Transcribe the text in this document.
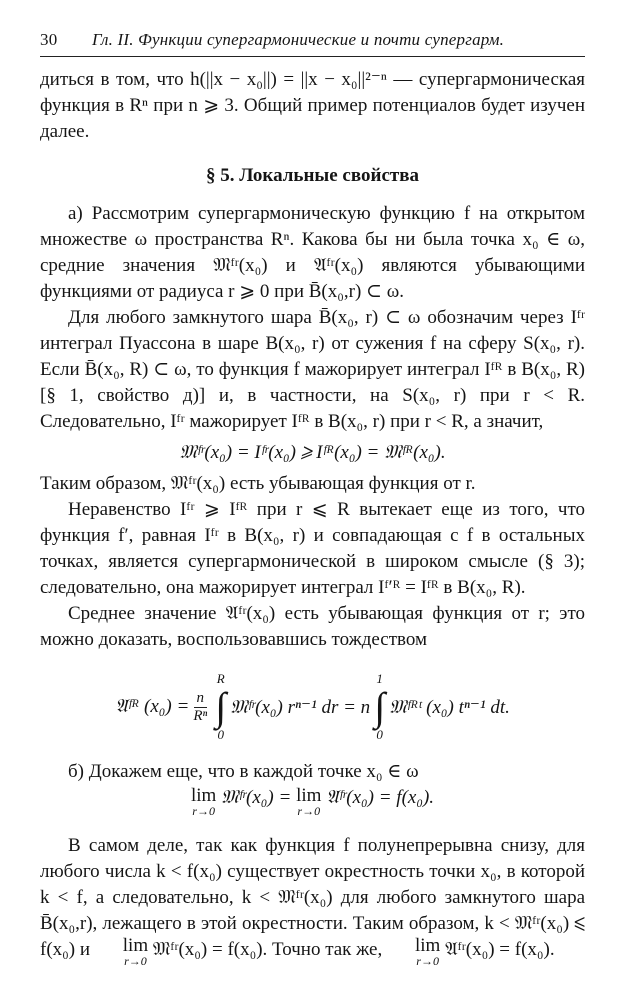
30	Гл. II. Функции супергармонические и почти супергарм.

диться в том, что h(||x − x₀||) = ||x − x₀||²⁻ⁿ — супергармоническая функция в Rⁿ при n ⩾ 3. Общий пример потенциалов будет изучен далее.

§ 5. Локальные свойства

а) Рассмотрим супергармоническую функцию f на открытом множестве ω пространства Rⁿ. Какова бы ни была точка x₀ ∈ ω, средние значения 𝔐ᶠʳ(x₀) и 𝔄ᶠʳ(x₀) являются убывающими функциями от радиуса r ⩾ 0 при B̄(x₀,r) ⊂ ω.

Для любого замкнутого шара B̄(x₀, r) ⊂ ω обозначим через Iᶠʳ интеграл Пуассона в шаре B(x₀, r) от сужения f на сферу S(x₀, r). Если B̄(x₀, R) ⊂ ω, то функция f мажорирует интеграл Iᶠᴿ в B(x₀, R) [§ 1, свойство д)] и, в частности, на S(x₀, r) при r < R. Следовательно, Iᶠʳ мажорирует Iᶠᴿ в B(x₀, r) при r < R, а значит,

𝔐ᶠʳ(x₀) = Iᶠʳ(x₀) ⩾ Iᶠᴿ(x₀) = 𝔐ᶠᴿ(x₀).

Таким образом, 𝔐ᶠʳ(x₀) есть убывающая функция от r.

Неравенство Iᶠʳ ⩾ Iᶠᴿ при r ⩽ R вытекает еще из того, что функция f′, равная Iᶠʳ в B(x₀, r) и совпадающая с f в остальных точках, является супергармонической в широком смысле (§ 3); следовательно, она мажорирует интеграл Iᶠ′ᴿ = Iᶠᴿ в B(x₀, R).

Среднее значение 𝔄ᶠʳ(x₀) есть убывающая функция от r; это можно доказать, воспользовавшись тождеством

𝔄ᶠᴿ $(x_0) = \frac{n}{\text{Rⁿ}}$
R
∫
0
𝔐ᶠʳ(x₀) rⁿ⁻¹ dr = n
1
∫
0
𝔐ᶠᴿᵗ (x₀) tⁿ⁻¹ dt.

б) Докажем еще, что в каждой точке x₀ ∈ ω

lim
r→0

𝔐ᶠʳ(x₀) =
lim
r→0

𝔄ᶠʳ(x₀) = f(x₀).

В самом деле, так как функция f полунепрерывна снизу, для любого числа k < f(x₀) существует окрестность точки x₀, в которой k < f, а следовательно, k < 𝔐ᶠʳ(x₀) для любого замкнутого шара B̄(x₀,r), лежащего в этой окрестности. Таким образом, k < 𝔐ᶠʳ(x₀) ⩽ f(x₀) и	lim
r→0
𝔐ᶠʳ(x₀) = f(x₀). Точно так же,	lim
r→0
𝔄ᶠʳ(x₀) = f(x₀).
